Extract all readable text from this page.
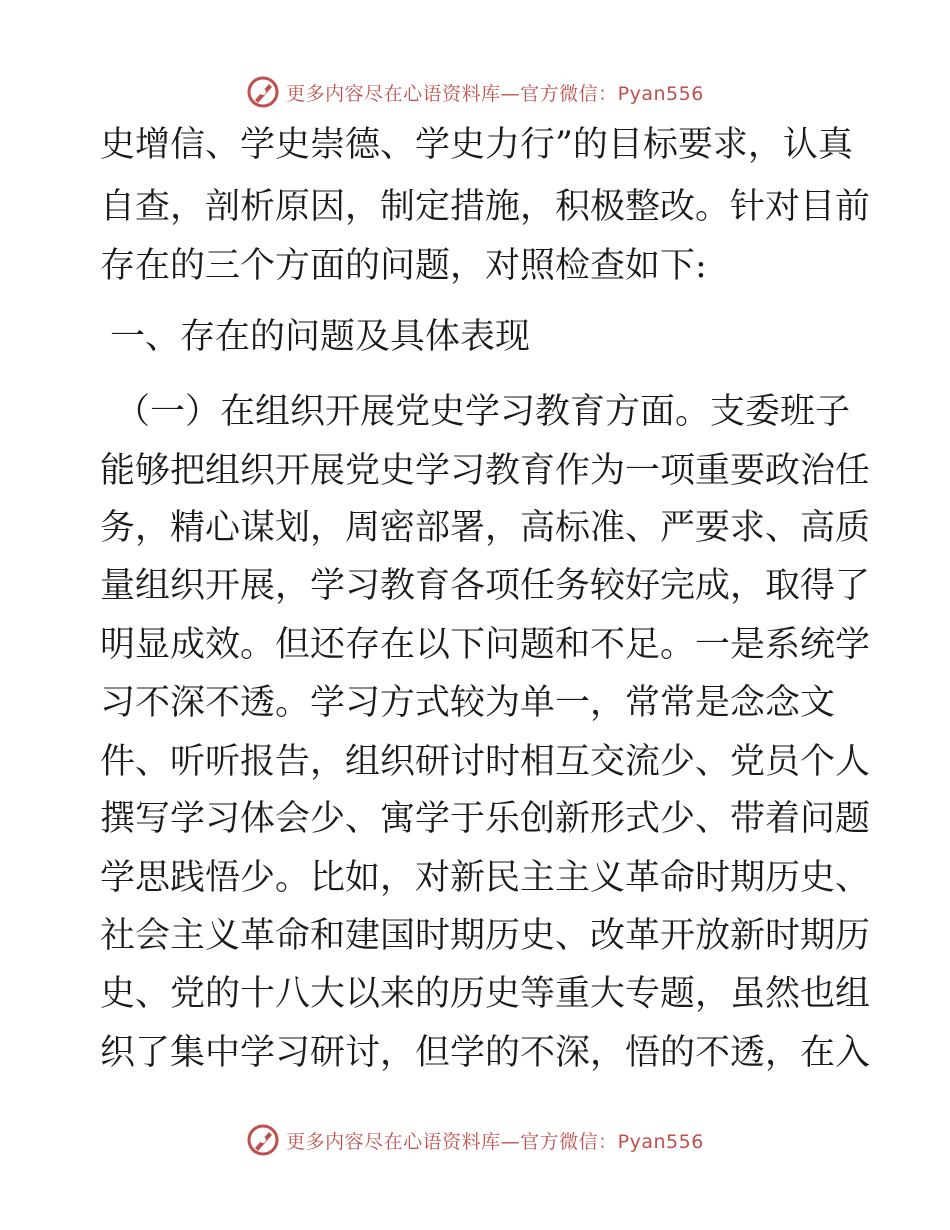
更多内容尽在心语资料库—官方微信：Pyan556
史增信、学史崇德、学史力行”的目标要求，认真
自查，剖析原因，制定措施，积极整改。针对目前
存在的三个方面的问题，对照检查如下:
一、存在的问题及具体表现
（一）在组织开展党史学习教育方面。支委班子
能够把组织开展党史学习教育作为一项重要政治任
务，精心谋划，周密部署，高标准、严要求、高质
量组织开展，学习教育各项任务较好完成，取得了
明显成效。但还存在以下问题和不足。一是系统学
习不深不透。学习方式较为单一，常常是念念文
件、听听报告，组织研讨时相互交流少、党员个人
撰写学习体会少、寓学于乐创新形式少、带着问题
学思践悟少。比如，对新民主主义革命时期历史、
社会主义革命和建国时期历史、改革开放新时期历
史、党的十八大以来的历史等重大专题，虽然也组
织了集中学习研讨，但学的不深，悟的不透，在入
更多内容尽在心语资料库—官方微信：Pyan556
